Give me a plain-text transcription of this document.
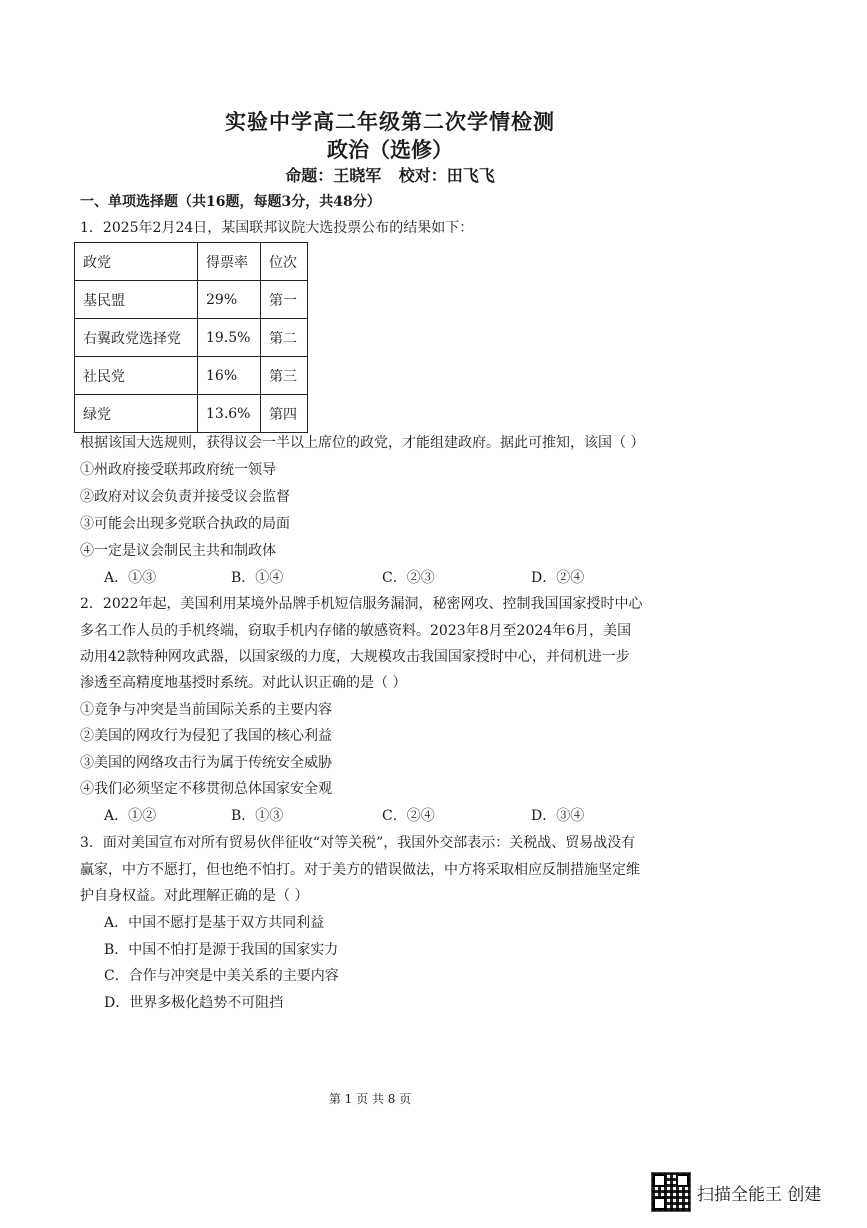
实验中学高二年级第二次学情检测
政治（选修）
命题：王晓军 校对：田飞飞
一、单项选择题（共16题，每题3分，共48分）
1．2025年2月24日，某国联邦议院大选投票公布的结果如下：
政党	得票率	位次
基民盟	29%	第一
右翼政党选择党	19.5%	第二
社民党	16%	第三
绿党	13.6%	第四
根据该国大选规则，获得议会一半以上席位的政党，才能组建政府。据此可推知，该国（ ）
①州政府接受联邦政府统一领导
②政府对议会负责并接受议会监督
③可能会出现多党联合执政的局面
④一定是议会制民主共和制政体
A．①③	B．①④	C．②③	D．②④
2．2022年起，美国利用某境外品牌手机短信服务漏洞，秘密网攻、控制我国国家授时中心
多名工作人员的手机终端，窃取手机内存储的敏感资料。2023年8月至2024年6月，美国
动用42款特种网攻武器，以国家级的力度，大规模攻击我国国家授时中心，并伺机进一步
渗透至高精度地基授时系统。对此认识正确的是（ ）
①竞争与冲突是当前国际关系的主要内容
②美国的网攻行为侵犯了我国的核心利益
③美国的网络攻击行为属于传统安全威胁
④我们必须坚定不移贯彻总体国家安全观
A．①②	B．①③	C．②④	D．③④
3．面对美国宣布对所有贸易伙伴征收“对等关税”，我国外交部表示：关税战、贸易战没有
赢家，中方不愿打，但也绝不怕打。对于美方的错误做法，中方将采取相应反制措施坚定维
护自身权益。对此理解正确的是（ ）
A．中国不愿打是基于双方共同利益
B．中国不怕打是源于我国的国家实力
C．合作与冲突是中美关系的主要内容
D．世界多极化趋势不可阻挡
第 1 页 共 8 页
扫描全能王 创建
